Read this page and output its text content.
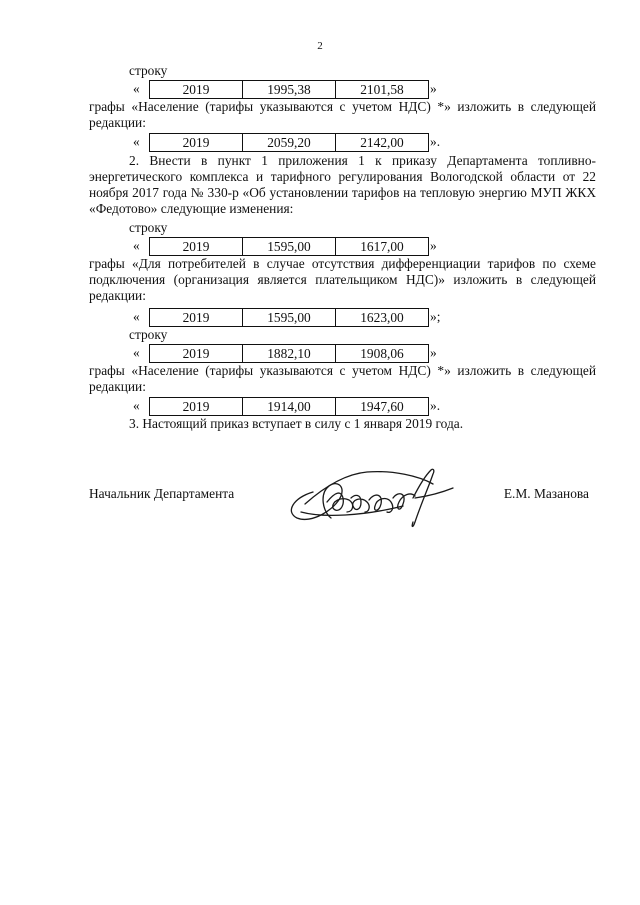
2
строку
«	2019	1995,38	2101,58	»
графы «Население (тарифы указываются с учетом НДС) *» изложить в следующей редакции:
«	2019	2059,20	2142,00	».
2. Внести в пункт 1 приложения 1 к приказу Департамента топливно-энергетического комплекса и тарифного регулирования Вологодской области от 22 ноября 2017 года № 330-р «Об установлении тарифов на тепловую энергию МУП ЖКХ «Федотово» следующие изменения:
строку
«	2019	1595,00	1617,00	»
графы «Для потребителей в случае отсутствия дифференциации тарифов по схеме подключения (организация является плательщиком НДС)» изложить в следующей редакции:
«	2019	1595,00	1623,00	»;
строку
«	2019	1882,10	1908,06	»
графы «Население (тарифы указываются с учетом НДС) *» изложить в следующей редакции:
«	2019	1914,00	1947,60	».
3. Настоящий приказ вступает в силу с 1 января 2019 года.
Начальник Департамента	Е.М. Мазанова
